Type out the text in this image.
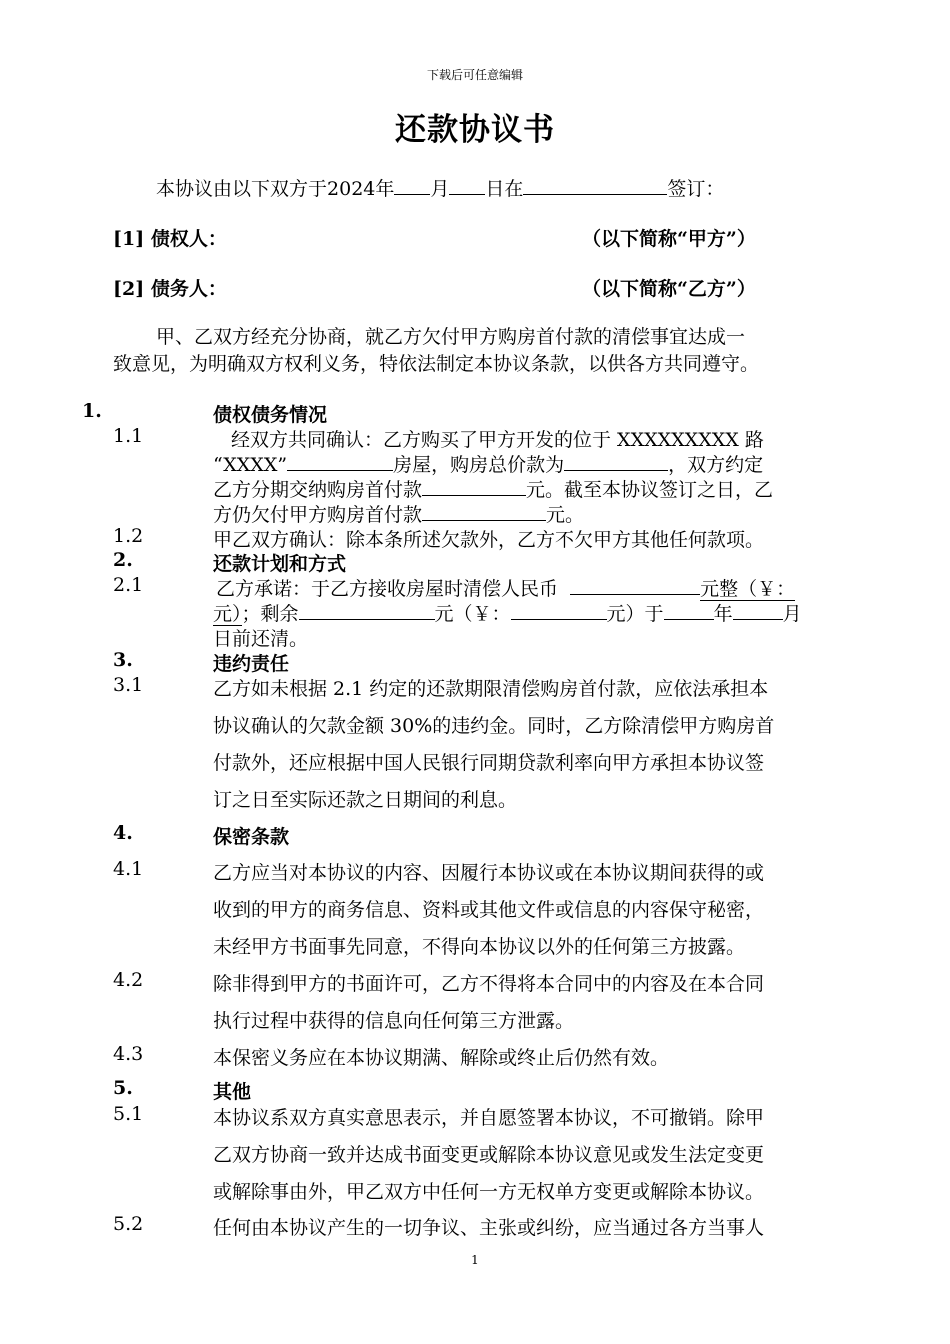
下载后可任意编辑
还款协议书
本协议由以下双方于2024年 月 日在	签订：
[1] 债权人：	（以下简称“甲方”）
[2] 债务人：	（以下简称“乙方”）
甲、乙双方经充分协商，就乙方欠付甲方购房首付款的清偿事宜达成一
致意见，为明确双方权利义务，特依法制定本协议条款，以供各方共同遵守。
1.	债权债务情况
1.1	经双方共同确认：乙方购买了甲方开发的位于 XXXXXXXXX 路
“XXXX”	房屋，购房总价款为	，双方约定
乙方分期交纳购房首付款	元。截至本协议签订之日，乙
方仍欠付甲方购房首付款	元。
1.2	甲乙双方确认：除本条所述欠款外，乙方不欠甲方其他任何款项。
2.	还款计划和方式
2.1	乙方承诺：于乙方接收房屋时清偿人民币	元整（￥：
元）；剩余	元（￥：	元）于	年	月
日前还清。
3.	违约责任
3.1	乙方如未根据 2.1 约定的还款期限清偿购房首付款，应依法承担本
协议确认的欠款金额 30%的违约金。同时，乙方除清偿甲方购房首
付款外，还应根据中国人民银行同期贷款利率向甲方承担本协议签
订之日至实际还款之日期间的利息。
4.	保密条款
4.1	乙方应当对本协议的内容、因履行本协议或在本协议期间获得的或
收到的甲方的商务信息、资料或其他文件或信息的内容保守秘密，
未经甲方书面事先同意，不得向本协议以外的任何第三方披露。
4.2	除非得到甲方的书面许可，乙方不得将本合同中的内容及在本合同
执行过程中获得的信息向任何第三方泄露。
4.3	本保密义务应在本协议期满、解除或终止后仍然有效。
5.	其他
5.1	本协议系双方真实意思表示，并自愿签署本协议，不可撤销。除甲
乙双方协商一致并达成书面变更或解除本协议意见或发生法定变更
或解除事由外，甲乙双方中任何一方无权单方变更或解除本协议。
5.2	任何由本协议产生的一切争议、主张或纠纷，应当通过各方当事人
1
